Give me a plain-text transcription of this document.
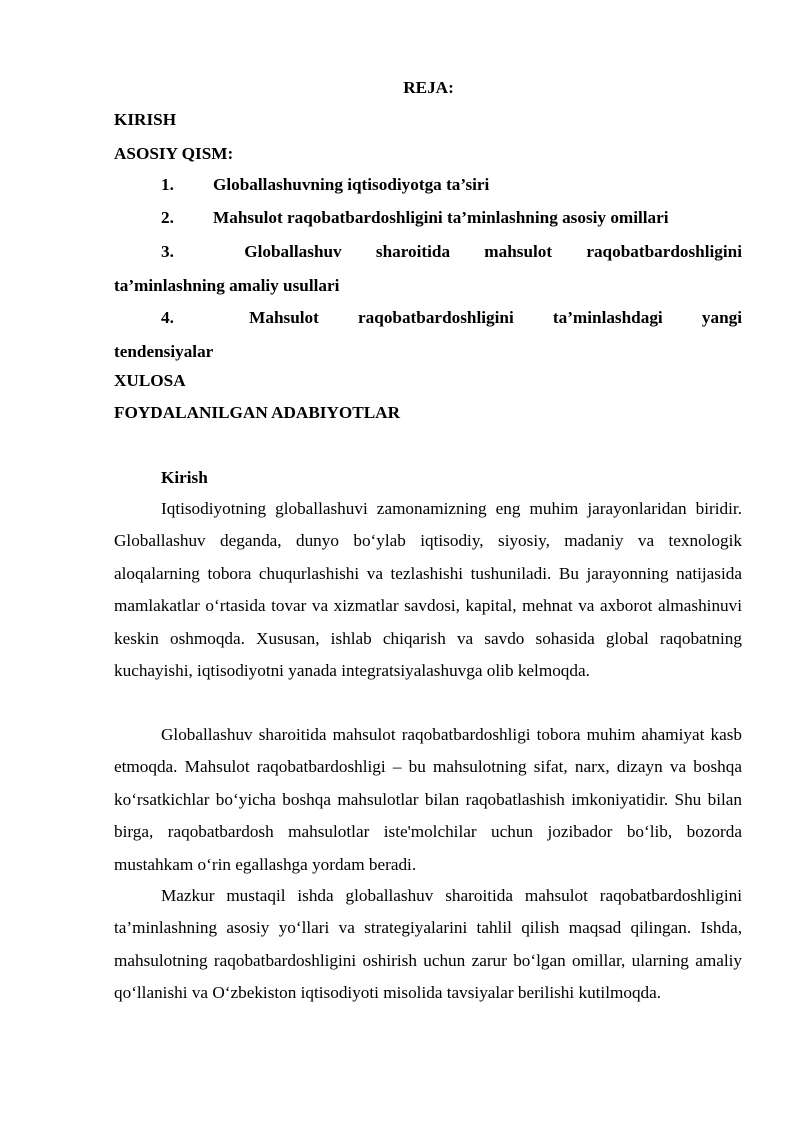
REJA:
KIRISH
ASOSIY QISM:
1.	Globallashuvning iqtisodiyotga ta’siri
2.	Mahsulot raqobatbardoshligini ta’minlashning asosiy omillari
3.	Globallashuv sharoitida mahsulot raqobatbardoshligini
ta’minlashning amaliy usullari
4.	Mahsulot raqobatbardoshligini ta’minlashdagi yangi
tendensiyalar
XULOSA
FOYDALANILGAN ADABIYOTLAR
Kirish

Iqtisodiyotning globallashuvi zamonamizning eng muhim jarayonlaridan biridir. Globallashuv deganda, dunyo bo‘ylab iqtisodiy, siyosiy, madaniy va texnologik aloqalarning tobora chuqurlashishi va tezlashishi tushuniladi. Bu jarayonning natijasida mamlakatlar o‘rtasida tovar va xizmatlar savdosi, kapital, mehnat va axborot almashinuvi keskin oshmoqda. Xususan, ishlab chiqarish va savdo sohasida global raqobatning kuchayishi, iqtisodiyotni yanada integratsiyalashuvga olib kelmoqda.

Globallashuv sharoitida mahsulot raqobatbardoshligi tobora muhim ahamiyat kasb etmoqda. Mahsulot raqobatbardoshligi – bu mahsulotning sifat, narx, dizayn va boshqa ko‘rsatkichlar bo‘yicha boshqa mahsulotlar bilan raqobatlashish imkoniyatidir. Shu bilan birga, raqobatbardosh mahsulotlar iste'molchilar uchun jozibador bo‘lib, bozorda mustahkam o‘rin egallashga yordam beradi.

Mazkur mustaqil ishda globallashuv sharoitida mahsulot raqobatbardoshligini ta’minlashning asosiy yo‘llari va strategiyalarini tahlil qilish maqsad qilingan. Ishda, mahsulotning raqobatbardoshligini oshirish uchun zarur bo‘lgan omillar, ularning amaliy qo‘llanishi va O‘zbekiston iqtisodiyoti misolida tavsiyalar berilishi kutilmoqda.
